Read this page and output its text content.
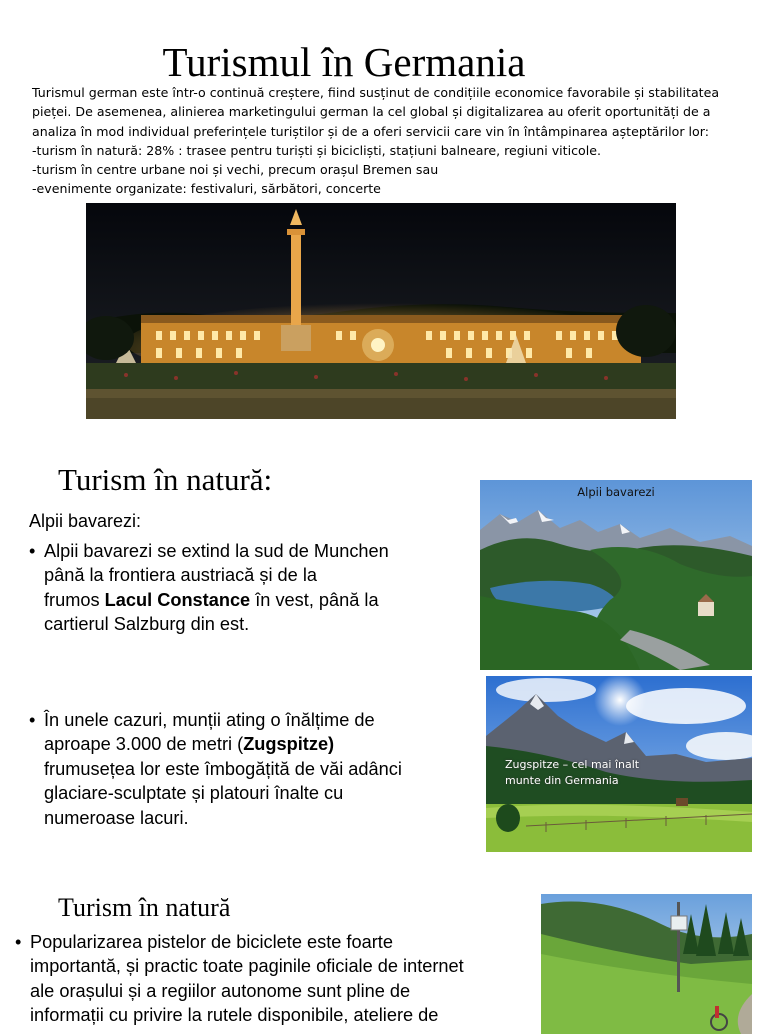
Turismul în Germania
Turismul german este într-o continuă creștere, fiind susținut de condițiile economice favorabile și stabilitatea
pieței. De asemenea, alinierea marketingului german la cel global și digitalizarea au oferit oportunități de a
analiza în mod individual preferințele turiștilor și de a oferi servicii care vin în întâmpinarea așteptărilor lor:
-turism în natură: 28% : trasee pentru turiști și bicicliști, stațiuni balneare, regiuni viticole.
-turism în centre urbane noi și vechi, precum orașul Bremen sau
-evenimente organizate: festivaluri, sărbători, concerte
Turism în natură:
Alpii bavarezi:
• Alpii bavarezi se extind la sud de Munchen
până la frontiera austriacă și de la
frumos Lacul Constance în vest, până la
cartierul Salzburg din est.
• În unele cazuri, munții ating o înălțime de
aproape 3.000 de metri (Zugspitze)
frumusețea lor este îmbogățită de văi adânci
glaciare-sculptate și platouri înalte cu
numeroase lacuri.
Alpii bavarezi
Zugspitze – cel mai înalt
munte din Germania
Turism în natură
• Popularizarea pistelor de biciclete este foarte
importantă, și practic toate paginile oficiale de internet
ale orașului și a regiilor autonome sunt pline de
informații cu privire la rutele disponibile, ateliere de
